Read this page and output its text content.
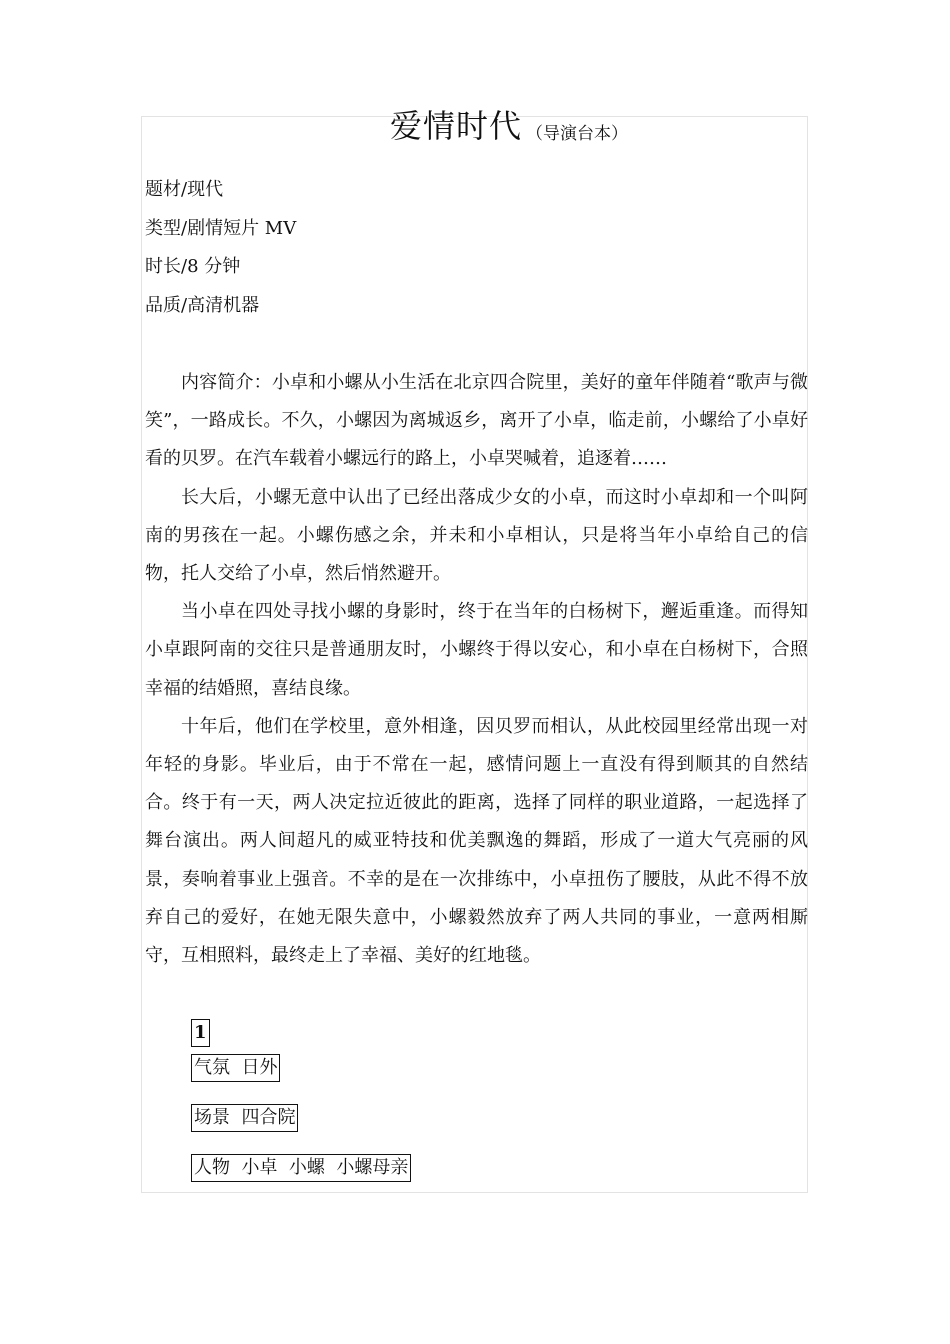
爱情时代 （导演台本）
题材/现代
类型/剧情短片 MV
时长/8 分钟
品质/高清机器

内容简介：小卓和小螺从小生活在北京四合院里，美好的童年伴随着“歌声与微笑”，一路成长。不久，小螺因为离城返乡，离开了小卓，临走前，小螺给了小卓好看的贝罗。在汽车载着小螺远行的路上，小卓哭喊着，追逐着……

长大后，小螺无意中认出了已经出落成少女的小卓，而这时小卓却和一个叫阿南的男孩在一起。小螺伤感之余，并未和小卓相认，只是将当年小卓给自己的信物，托人交给了小卓，然后悄然避开。

当小卓在四处寻找小螺的身影时，终于在当年的白杨树下，邂逅重逢。而得知小卓跟阿南的交往只是普通朋友时，小螺终于得以安心，和小卓在白杨树下，合照幸福的结婚照，喜结良缘。

十年后，他们在学校里，意外相逢，因贝罗而相认，从此校园里经常出现一对年轻的身影。毕业后，由于不常在一起，感情问题上一直没有得到顺其的自然结合。终于有一天，两人决定拉近彼此的距离，选择了同样的职业道路，一起选择了舞台演出。两人间超凡的威亚特技和优美飘逸的舞蹈，形成了一道大气亮丽的风景，奏响着事业上强音。不幸的是在一次排练中，小卓扭伤了腰肢，从此不得不放弃自己的爱好，在她无限失意中，小螺毅然放弃了两人共同的事业，一意两相厮守，互相照料，最终走上了幸福、美好的红地毯。

1
气氛  日外
场景  四合院
人物  小卓  小螺  小螺母亲
